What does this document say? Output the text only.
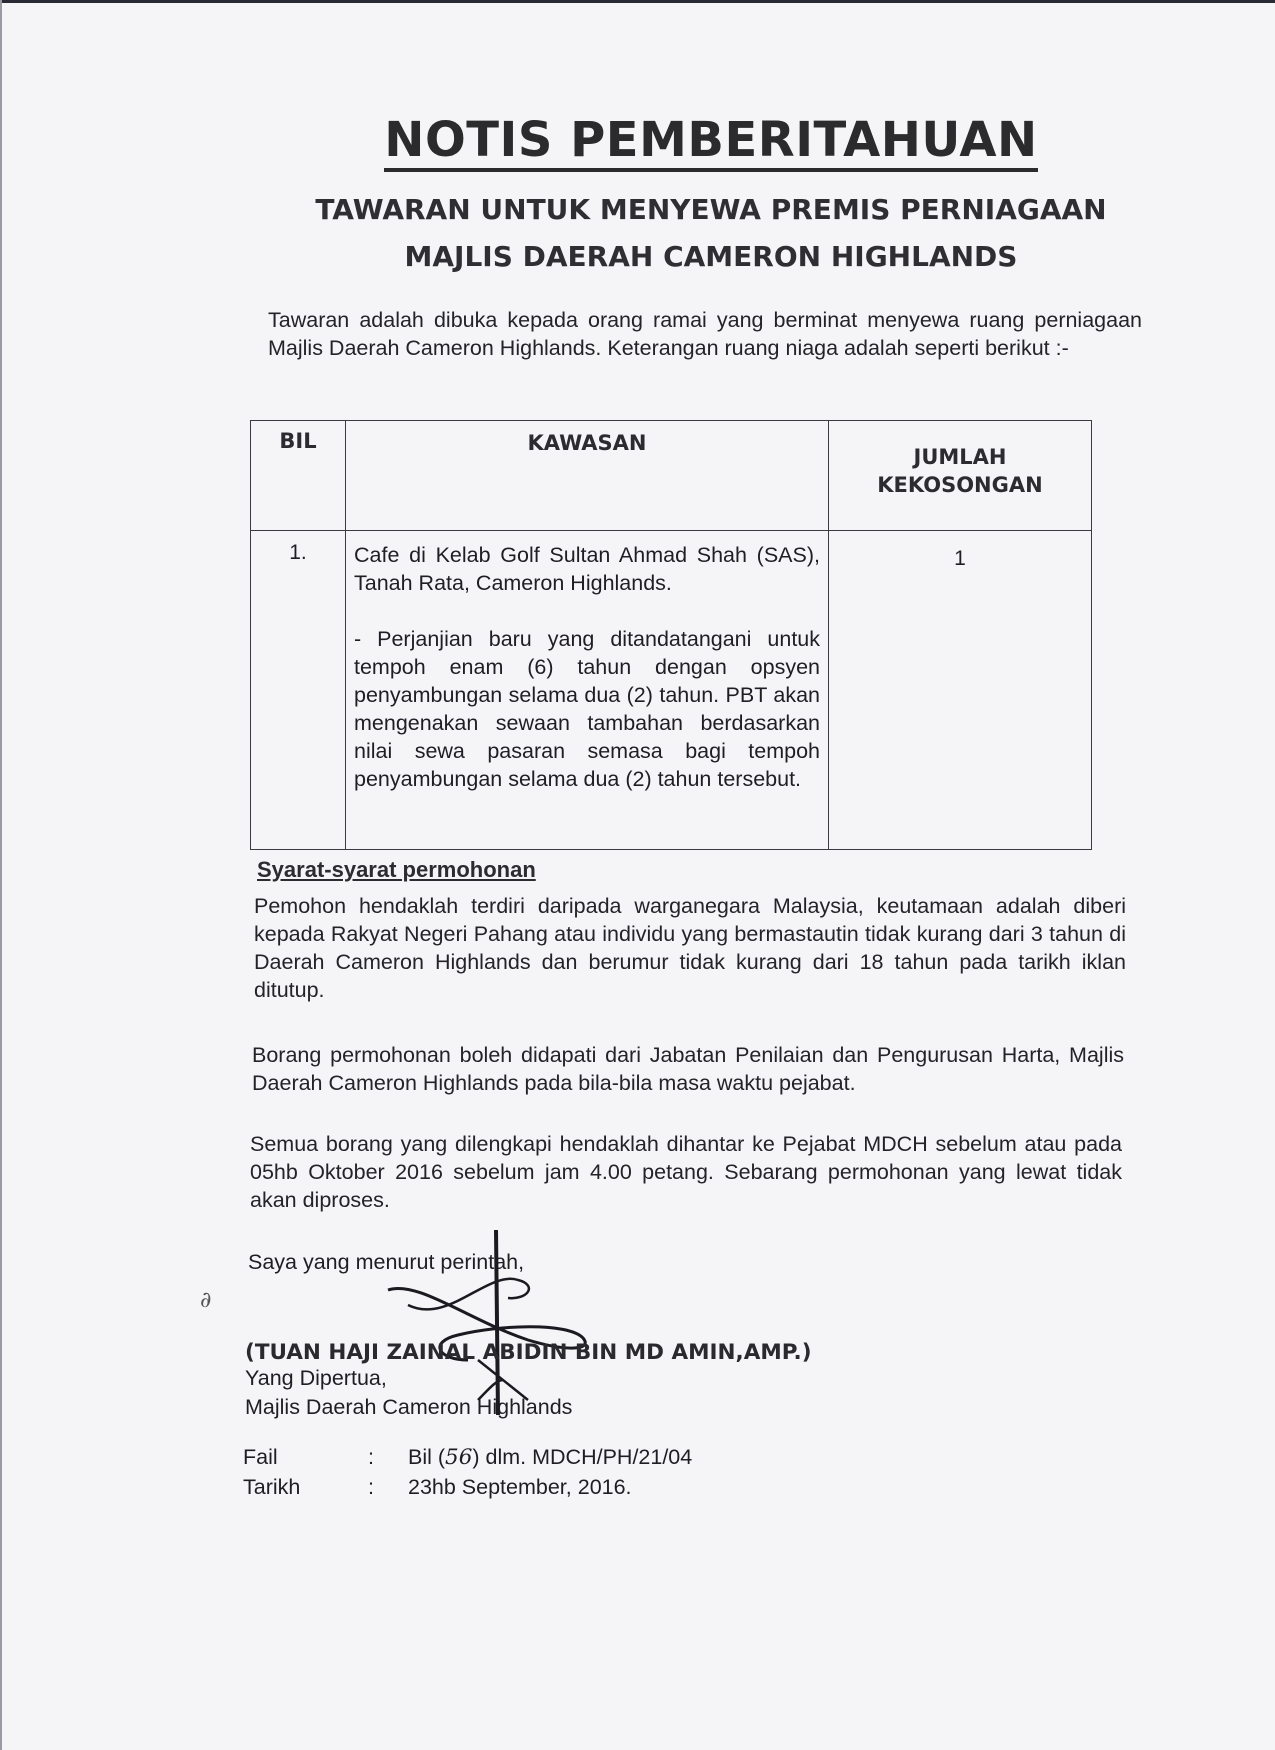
NOTIS PEMBERITAHUAN
TAWARAN UNTUK MENYEWA PREMIS PERNIAGAAN
MAJLIS DAERAH CAMERON HIGHLANDS
Tawaran adalah dibuka kepada orang ramai yang berminat menyewa ruang perniagaan Majlis Daerah Cameron Highlands. Keterangan ruang niaga adalah seperti berikut :-
BIL	KAWASAN	JUMLAH KEKOSONGAN
1.	Cafe di Kelab Golf Sultan Ahmad Shah (SAS), Tanah Rata, Cameron Highlands.

- Perjanjian baru yang ditandatangani untuk tempoh enam (6) tahun dengan opsyen penyambungan selama dua (2) tahun. PBT akan mengenakan sewaan tambahan berdasarkan nilai sewa pasaran semasa bagi tempoh penyambungan selama dua (2) tahun tersebut.	1
Syarat-syarat permohonan
Pemohon hendaklah terdiri daripada warganegara Malaysia, keutamaan adalah diberi kepada Rakyat Negeri Pahang atau individu yang bermastautin tidak kurang dari 3 tahun di Daerah Cameron Highlands dan berumur tidak kurang dari 18 tahun pada tarikh iklan ditutup.
Borang permohonan boleh didapati dari Jabatan Penilaian dan Pengurusan Harta, Majlis Daerah Cameron Highlands pada bila-bila masa waktu pejabat.
Semua borang yang dilengkapi hendaklah dihantar ke Pejabat MDCH sebelum atau pada 05hb Oktober 2016 sebelum jam 4.00 petang. Sebarang permohonan yang lewat tidak akan diproses.
Saya yang menurut perintah,
∂
(TUAN HAJI ZAINAL ABIDIN BIN MD AMIN,AMP.)
Yang Dipertua,
Majlis Daerah Cameron Highlands
Fail	: Bil (56) dlm. MDCH/PH/21/04
Tarikh	: 23hb September, 2016.
